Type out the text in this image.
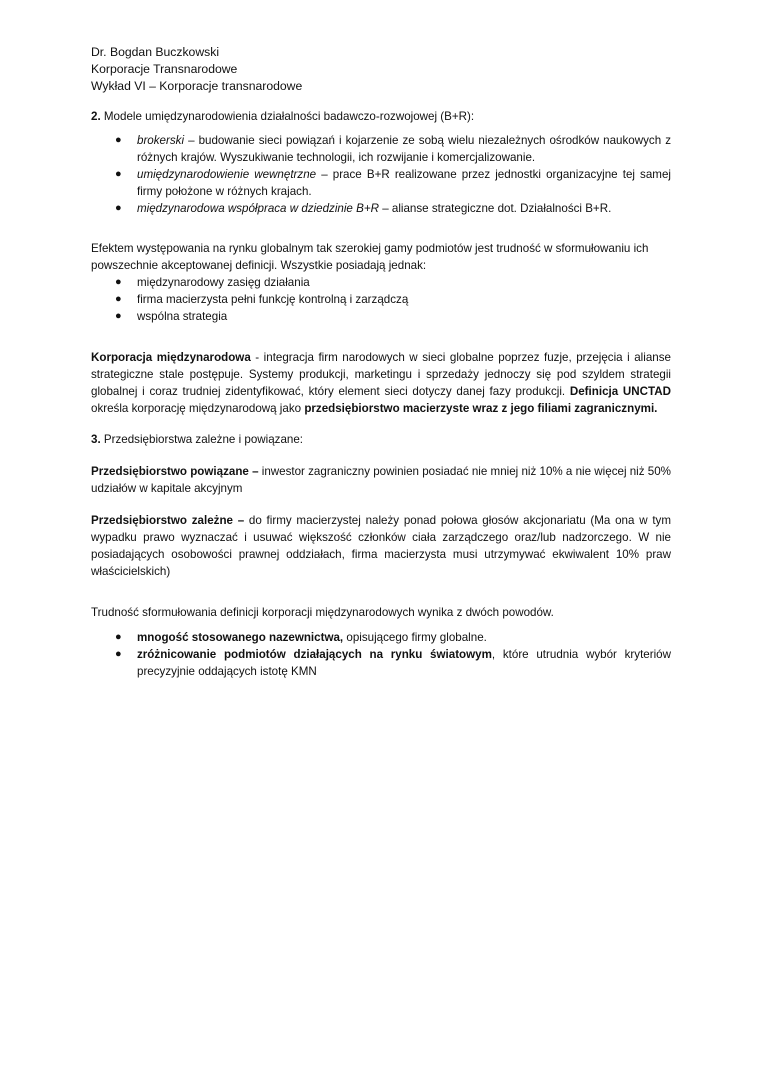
Dr. Bogdan Buczkowski
Korporacje Transnarodowe
Wykład VI – Korporacje transnarodowe
2. Modele umiędzynarodowienia działalności badawczo-rozwojowej (B+R):
● brokerski – budowanie sieci powiązań i kojarzenie ze sobą wielu niezależnych ośrodków naukowych z różnych krajów. Wyszukiwanie technologii, ich rozwijanie i komercjalizowanie.
● umiędzynarodowienie wewnętrzne – prace B+R realizowane przez jednostki organizacyjne tej samej firmy położone w różnych krajach.
● międzynarodowa współpraca w dziedzinie B+R – alianse strategiczne dot. Działalności B+R.
Efektem występowania na rynku globalnym tak szerokiej gamy podmiotów jest trudność w sformułowaniu ich powszechnie akceptowanej definicji. Wszystkie posiadają jednak:
● międzynarodowy zasięg działania
● firma macierzysta pełni funkcję kontrolną i zarządczą
● wspólna strategia
Korporacja międzynarodowa - integracja firm narodowych w sieci globalne poprzez fuzje, przejęcia i alianse strategiczne stale postępuje. Systemy produkcji, marketingu i sprzedaży jednoczy się pod szyldem strategii globalnej i coraz trudniej zidentyfikować, który element sieci dotyczy danej fazy produkcji. Definicja UNCTAD określa korporację międzynarodową jako przedsiębiorstwo macierzyste wraz z jego filiami zagranicznymi.
3. Przedsiębiorstwa zależne i powiązane:
Przedsiębiorstwo powiązane – inwestor zagraniczny powinien posiadać nie mniej niż 10% a nie więcej niż 50% udziałów w kapitale akcyjnym
Przedsiębiorstwo zależne – do firmy macierzystej należy ponad połowa głosów akcjonariatu (Ma ona w tym wypadku prawo wyznaczać i usuwać większość członków ciała zarządczego oraz/lub nadzorczego. W nie posiadających osobowości prawnej oddziałach, firma macierzysta musi utrzymywać ekwiwalent 10% praw właścicielskich)
Trudność sformułowania definicji korporacji międzynarodowych wynika z dwóch powodów.
● mnogość stosowanego nazewnictwa, opisującego firmy globalne.
● zróżnicowanie podmiotów działających na rynku światowym, które utrudnia wybór kryteriów precyzyjnie oddających istotę KMN
